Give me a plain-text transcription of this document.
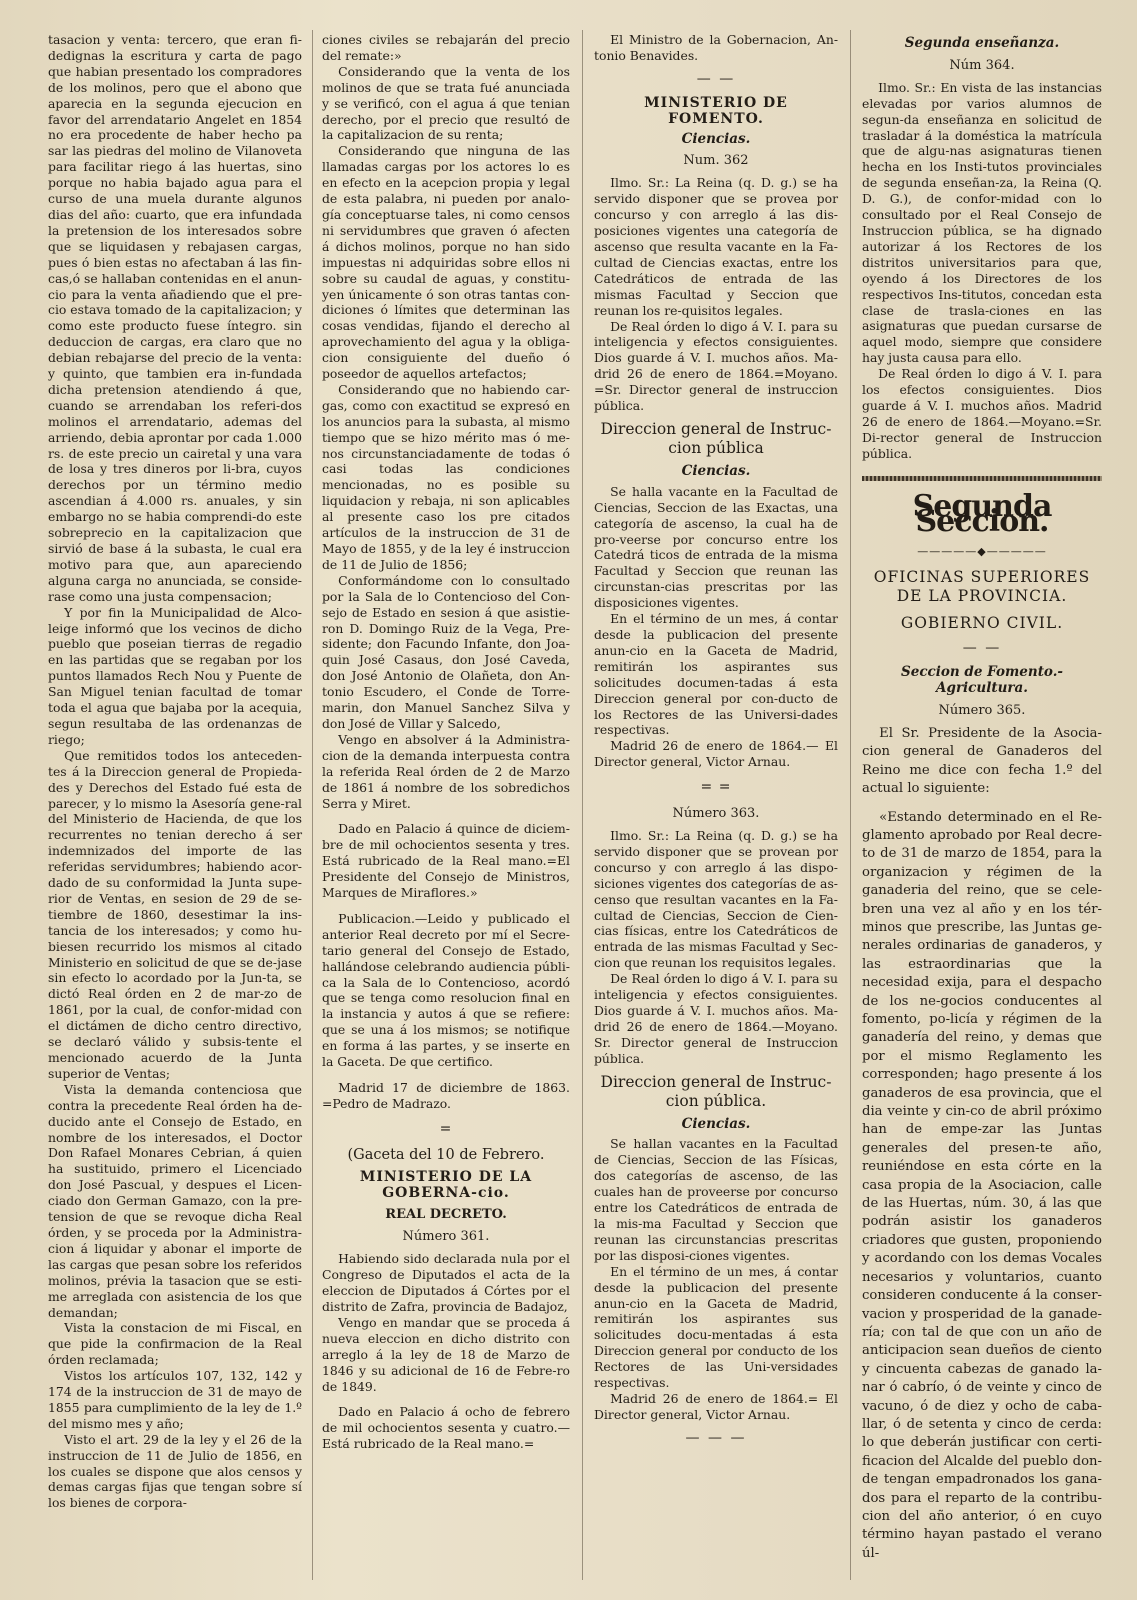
tasacion y venta: tercero, que eran fi-dedignas la escritura y carta de pago que habian presentado los compradores de los molinos, pero que el abono que aparecia en la segunda ejecucion en favor del arrendatario Angelet en 1854 no era procedente de haber hecho pa sar las piedras del molino de Vilanoveta para facilitar riego á las huertas, sino porque no habia bajado agua para el curso de una muela durante algunos dias del año: cuarto, que era infundada la pretension de los interesados sobre que se liquidasen y rebajasen cargas, pues ó bien estas no afectaban á las fin-cas,ó se hallaban contenidas en el anun-cio para la venta añadiendo que el pre-cio estava tomado de la capitalizacion; y como este producto fuese íntegro. sin deduccion de cargas, era claro que no debian rebajarse del precio de la venta: y quinto, que tambien era in-fundada dicha pretension atendiendo á que, cuando se arrendaban los referi-dos molinos el arrendatario, ademas del arriendo, debia aprontar por cada 1.000 rs. de este precio un cairetal y una vara de losa y tres dineros por li-bra, cuyos derechos por un término medio ascendian á 4.000 rs. anuales, y sin embargo no se habia comprendi-do este sobreprecio en la capitalizacion que sirvió de base á la subasta, le cual era motivo para que, aun apareciendo alguna carga no anunciada, se conside-rase como una justa compensacion;

Y por fin la Municipalidad de Alco-leige informó que los vecinos de dicho pueblo que poseian tierras de regadio en las partidas que se regaban por los puntos llamados Rech Nou y Puente de San Miguel tenian facultad de tomar toda el agua que bajaba por la acequia, segun resultaba de las ordenanzas de riego;

Que remitidos todos los anteceden-tes á la Direccion general de Propieda-des y Derechos del Estado fué esta de parecer, y lo mismo la Asesoría gene-ral del Ministerio de Hacienda, de que los recurrentes no tenian derecho á ser indemnizados del importe de las referidas servidumbres; habiendo acor-dado de su conformidad la Junta supe-rior de Ventas, en sesion de 29 de se-tiembre de 1860, desestimar la ins-tancia de los interesados; y como hu-biesen recurrido los mismos al citado Ministerio en solicitud de que se de-jase sin efecto lo acordado por la Jun-ta, se dictó Real órden en 2 de mar-zo de 1861, por la cual, de confor-midad con el dictámen de dicho centro directivo, se declaró válido y subsis-tente el mencionado acuerdo de la Junta superior de Ventas;

Vista la demanda contenciosa que contra la precedente Real órden ha de-ducido ante el Consejo de Estado, en nombre de los interesados, el Doctor Don Rafael Monares Cebrian, á quien ha sustituido, primero el Licenciado don José Pascual, y despues el Licen-ciado don German Gamazo, con la pre-tension de que se revoque dicha Real órden, y se proceda por la Administra-cion á liquidar y abonar el importe de las cargas que pesan sobre los referidos molinos, prévia la tasacion que se esti-me arreglada con asistencia de los que demandan;

Vista la constacion de mi Fiscal, en que pide la confirmacion de la Real órden reclamada;

Vistos los artículos 107, 132, 142 y 174 de la instruccion de 31 de mayo de 1855 para cumplimiento de la ley de 1.º del mismo mes y año;

Visto el art. 29 de la ley y el 26 de la instruccion de 11 de Julio de 1856, en los cuales se dispone que alos censos y demas cargas fijas que tengan sobre sí los bienes de corpora-

ciones civiles se rebajarán del precio del remate:»

Considerando que la venta de los molinos de que se trata fué anunciada y se verificó, con el agua á que tenian derecho, por el precio que resultó de la capitalizacion de su renta;

Considerando que ninguna de las llamadas cargas por los actores lo es en efecto en la acepcion propia y legal de esta palabra, ni pueden por analo-gía conceptuarse tales, ni como censos ni servidumbres que graven ó afecten á dichos molinos, porque no han sido impuestas ni adquiridas sobre ellos ni sobre su caudal de aguas, y constitu-yen únicamente ó son otras tantas con-diciones ó límites que determinan las cosas vendidas, fijando el derecho al aprovechamiento del agua y la obliga-cion consiguiente del dueño ó poseedor de aquellos artefactos;

Considerando que no habiendo car-gas, como con exactitud se expresó en los anuncios para la subasta, al mismo tiempo que se hizo mérito mas ó me-nos circunstanciadamente de todas ó casi todas las condiciones mencionadas, no es posible su liquidacion y rebaja, ni son aplicables al presente caso los pre citados artículos de la instruccion de 31 de Mayo de 1855, y de la ley é instruccion de 11 de Julio de 1856;

Conformándome con lo consultado por la Sala de lo Contencioso del Con-sejo de Estado en sesion á que asistie-ron D. Domingo Ruiz de la Vega, Pre-sidente; don Facundo Infante, don Joa-quin José Casaus, don José Caveda, don José Antonio de Olañeta, don An-tonio Escudero, el Conde de Torre-marin, don Manuel Sanchez Silva y don José de Villar y Salcedo,

Vengo en absolver á la Administra-cion de la demanda interpuesta contra la referida Real órden de 2 de Marzo de 1861 á nombre de los sobredichos Serra y Miret.

Dado en Palacio á quince de diciem-bre de mil ochocientos sesenta y tres. Está rubricado de la Real mano.=El Presidente del Consejo de Ministros, Marques de Miraflores.»

Publicacion.—Leido y publicado el anterior Real decreto por mí el Secre-tario general del Consejo de Estado, hallándose celebrando audiencia públi-ca la Sala de lo Contencioso, acordó que se tenga como resolucion final en la instancia y autos á que se refiere: que se una á los mismos; se notifique en forma á las partes, y se inserte en la Gaceta. De que certifico.

Madrid 17 de diciembre de 1863. =Pedro de Madrazo.

=

(Gaceta del 10 de Febrero.

MINISTERIO DE LA GOBERNA-cio.
REAL DECRETO.
Número 361.

Habiendo sido declarada nula por el Congreso de Diputados el acta de la eleccion de Diputados á Córtes por el distrito de Zafra, provincia de Badajoz,

Vengo en mandar que se proceda á nueva eleccion en dicho distrito con arreglo á la ley de 18 de Marzo de 1846 y su adicional de 16 de Febre-ro de 1849.

Dado en Palacio á ocho de febrero de mil ochocientos sesenta y cuatro.— Está rubricado de la Real mano.=

El Ministro de la Gobernacion, An-tonio Benavides.

— —
MINISTERIO DE FOMENTO.
Ciencias.
Num. 362

Ilmo. Sr.: La Reina (q. D. g.) se ha servido disponer que se provea por concurso y con arreglo á las dis-posiciones vigentes una categoría de ascenso que resulta vacante en la Fa-cultad de Ciencias exactas, entre los Catedráticos de entrada de las mismas Facultad y Seccion que reunan los re-quisitos legales.

De Real órden lo digo á V. I. para su inteligencia y efectos consiguientes. Dios guarde á V. I. muchos años. Ma-drid 26 de enero de 1864.=Moyano. =Sr. Director general de instruccion pública.

Direccion general de Instruc-cion pública
Ciencias.

Se halla vacante en la Facultad de Ciencias, Seccion de las Exactas, una categoría de ascenso, la cual ha de pro-veerse por concurso entre los Catedrá ticos de entrada de la misma Facultad y Seccion que reunan las circunstan-cias prescritas por las disposiciones vigentes.

En el término de un mes, á contar desde la publicacion del presente anun-cio en la Gaceta de Madrid, remitirán los aspirantes sus solicitudes documen-tadas á esta Direccion general por con-ducto de los Rectores de las Universi-dades respectivas.

Madrid 26 de enero de 1864.— El Director general, Victor Arnau.

= =
Número 363.

Ilmo. Sr.: La Reina (q. D. g.) se ha servido disponer que se provean por concurso y con arreglo á las dispo-siciones vigentes dos categorías de as-censo que resultan vacantes en la Fa-cultad de Ciencias, Seccion de Cien-cias físicas, entre los Catedráticos de entrada de las mismas Facultad y Sec-cion que reunan los requisitos legales.

De Real órden lo digo á V. I. para su inteligencia y efectos consiguientes. Dios guarde á V. I. muchos años. Ma-drid 26 de enero de 1864.—Moyano. Sr. Director general de Instruccion pública.

Direccion general de Instruc-cion pública.
Ciencias.

Se hallan vacantes en la Facultad de Ciencias, Seccion de las Físicas, dos categorías de ascenso, de las cuales han de proveerse por concurso entre los Catedráticos de entrada de la mis-ma Facultad y Seccion que reunan las circunstancias prescritas por las disposi-ciones vigentes.

En el término de un mes, á contar desde la publicacion del presente anun-cio en la Gaceta de Madrid, remitirán los aspirantes sus solicitudes docu-mentadas á esta Direccion general por conducto de los Rectores de las Uni-versidades respectivas.

Madrid 26 de enero de 1864.= El Director general, Victor Arnau.

— — —
Segunda enseñanza.
Núm 364.

Ilmo. Sr.: En vista de las instancias elevadas por varios alumnos de segun-da enseñanza en solicitud de trasladar á la doméstica la matrícula que de algu-nas asignaturas tienen hecha en los Insti-tutos provinciales de segunda enseñan-za, la Reina (Q. D. G.), de confor-midad con lo consultado por el Real Consejo de Instruccion pública, se ha dignado autorizar á los Rectores de los distritos universitarios para que, oyendo á los Directores de los respectivos Ins-titutos, concedan esta clase de trasla-ciones en las asignaturas que puedan cursarse de aquel modo, siempre que considere hay justa causa para ello.

De Real órden lo digo á V. I. para los efectos consiguientes. Dios guarde á V. I. muchos años. Madrid 26 de enero de 1864.—Moyano.=Sr. Di-rector general de Instruccion pública.

Segunda Seccion.
—————◆—————
OFICINAS SUPERIORES DE LA PROVINCIA.
GOBIERNO CIVIL.
— —
Seccion de Fomento.-Agricultura.
Número 365.

El Sr. Presidente de la Asocia-cion general de Ganaderos del Reino me dice con fecha 1.º del actual lo siguiente:

«Estando determinado en el Re-glamento aprobado por Real decre-to de 31 de marzo de 1854, para la organizacion y régimen de la ganaderia del reino, que se cele-bren una vez al año y en los tér-minos que prescribe, las Juntas ge-nerales ordinarias de ganaderos, y las estraordinarias que la necesidad exija, para el despacho de los ne-gocios conducentes al fomento, po-licía y régimen de la ganadería del reino, y demas que por el mismo Reglamento les corresponden; hago presente á los ganaderos de esa provincia, que el dia veinte y cin-co de abril próximo han de empe-zar las Juntas generales del presen-te año, reuniéndose en esta córte en la casa propia de la Asociacion, calle de las Huertas, núm. 30, á las que podrán asistir los ganaderos criadores que gusten, proponiendo y acordando con los demas Vocales necesarios y voluntarios, cuanto consideren conducente á la conser-vacion y prosperidad de la ganade-ría; con tal de que con un año de anticipacion sean dueños de ciento y cincuenta cabezas de ganado la-nar ó cabrío, ó de veinte y cinco de vacuno, ó de diez y ocho de caba-llar, ó de setenta y cinco de cerda: lo que deberán justificar con certi-ficacion del Alcalde del pueblo don-de tengan empadronados los gana-dos para el reparto de la contribu-cion del año anterior, ó en cuyo término hayan pastado el verano úl-
